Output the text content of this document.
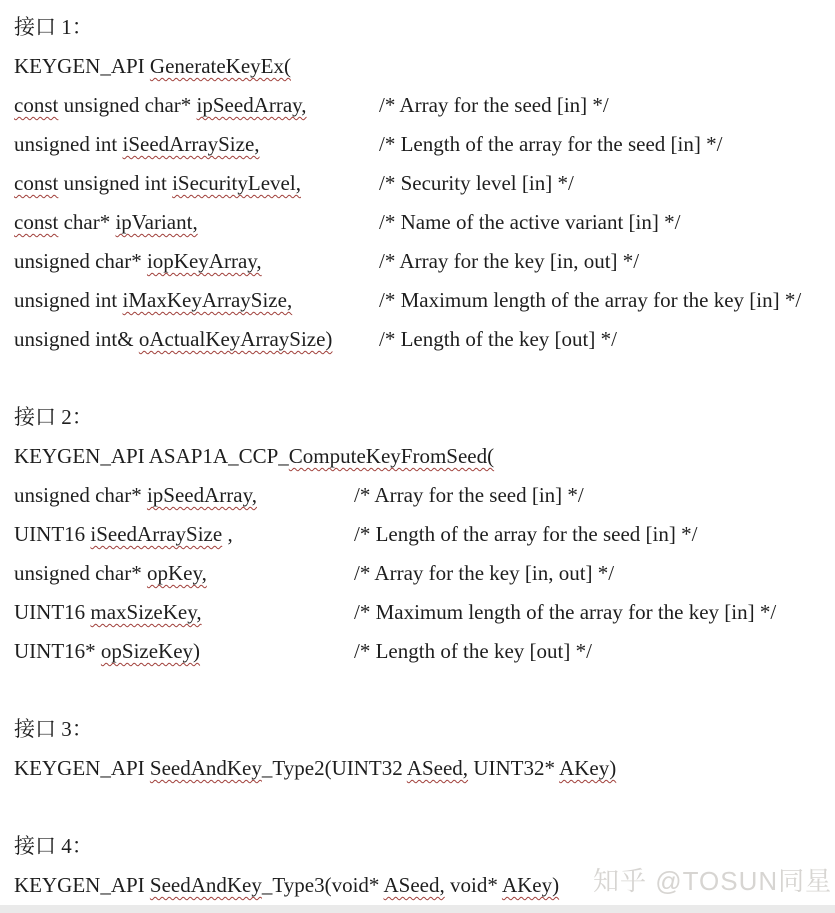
接口 1：
KEYGEN_API GenerateKeyEx(
const unsigned char* ipSeedArray,	/* Array for the seed [in] */
unsigned int iSeedArraySize,	/* Length of the array for the seed [in] */
const unsigned int iSecurityLevel,	/* Security level [in] */
const char* ipVariant,	/* Name of the active variant [in] */
unsigned char* iopKeyArray,	/* Array for the key [in, out] */
unsigned int iMaxKeyArraySize,	/* Maximum length of the array for the key [in] */
unsigned int& oActualKeyArraySize) /* Length of the key [out] */
接口 2：
KEYGEN_API ASAP1A_CCP_ComputeKeyFromSeed(
unsigned char* ipSeedArray,	/* Array for the seed [in] */
UINT16 iSeedArraySize ,	/* Length of the array for the seed [in] */
unsigned char* opKey,	/* Array for the key [in, out] */
UINT16 maxSizeKey,	/* Maximum length of the array for the key [in] */
UINT16* opSizeKey)	/* Length of the key [out] */
接口 3：
KEYGEN_API SeedAndKey_Type2(UINT32 ASeed, UINT32* AKey)
接口 4：
KEYGEN_API SeedAndKey_Type3(void* ASeed, void* AKey)	知乎 @TOSUN同星
